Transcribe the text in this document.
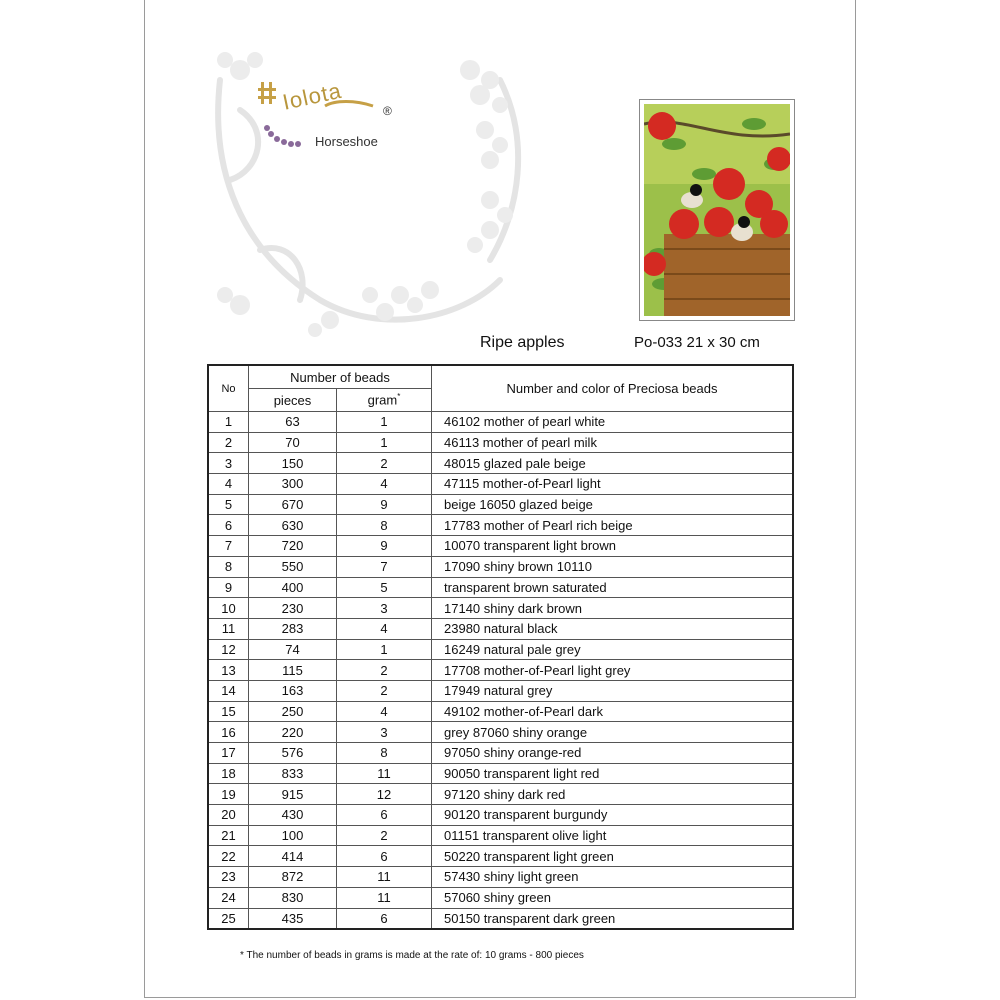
Iolota	®
Horseshoe
Ripe apples	Po-033 21 x 30 cm
No	Number of beads		Number and color of Preciosa beads
	pieces	gram*
1	63	1	46102 mother of pearl white
2	70	1	46113 mother of pearl milk
3	150	2	48015 glazed pale beige
4	300	4	47115 mother-of-Pearl light
5	670	9	beige 16050 glazed beige
6	630	8	17783 mother of Pearl rich beige
7	720	9	10070 transparent light brown
8	550	7	17090 shiny brown 10110
9	400	5	transparent brown saturated
10	230	3	17140 shiny dark brown
11	283	4	23980 natural black
12	74	1	16249 natural pale grey
13	115	2	17708 mother-of-Pearl light grey
14	163	2	17949 natural grey
15	250	4	49102 mother-of-Pearl dark
16	220	3	grey 87060 shiny orange
17	576	8	97050 shiny orange-red
18	833	11	90050 transparent light red
19	915	12	97120 shiny dark red
20	430	6	90120 transparent burgundy
21	100	2	01151 transparent olive light
22	414	6	50220 transparent light green
23	872	11	57430 shiny light green
24	830	11	57060 shiny green
25	435	6	50150 transparent dark green
* The number of beads in grams is made at the rate of: 10 grams - 800 pieces
